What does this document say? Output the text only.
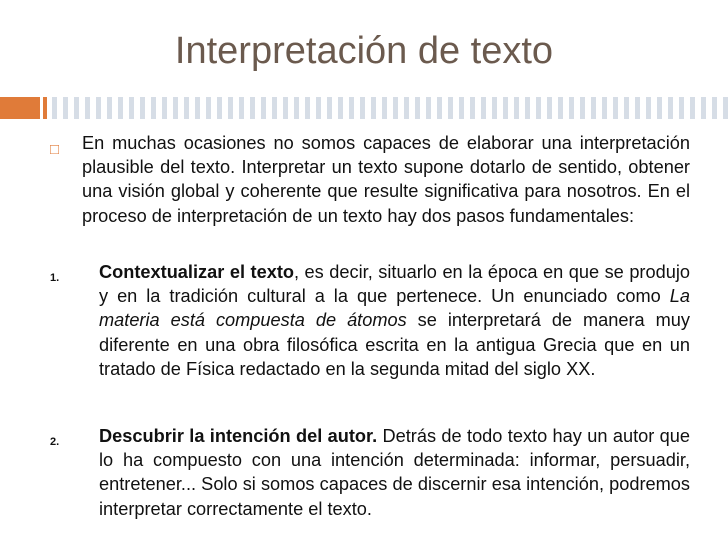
Interpretación de texto
□ En muchas ocasiones no somos capaces de elaborar una interpretación plausible del texto. Interpretar un texto supone dotarlo de sentido, obtener una visión global y coherente que resulte significativa para nosotros. En el proceso de interpretación de un texto hay dos pasos fundamentales:
1. Contextualizar el texto, es decir, situarlo en la época en que se produjo y en la tradición cultural a la que pertenece. Un enunciado como La materia está compuesta de átomos se interpretará de manera muy diferente en una obra filosófica escrita en la antigua Grecia que en un tratado de Física redactado en la segunda mitad del siglo XX.
2. Descubrir la intención del autor. Detrás de todo texto hay un autor que lo ha compuesto con una intención determinada: informar, persuadir, entretener... Solo si somos capaces de discernir esa intención, podremos interpretar correctamente el texto.
